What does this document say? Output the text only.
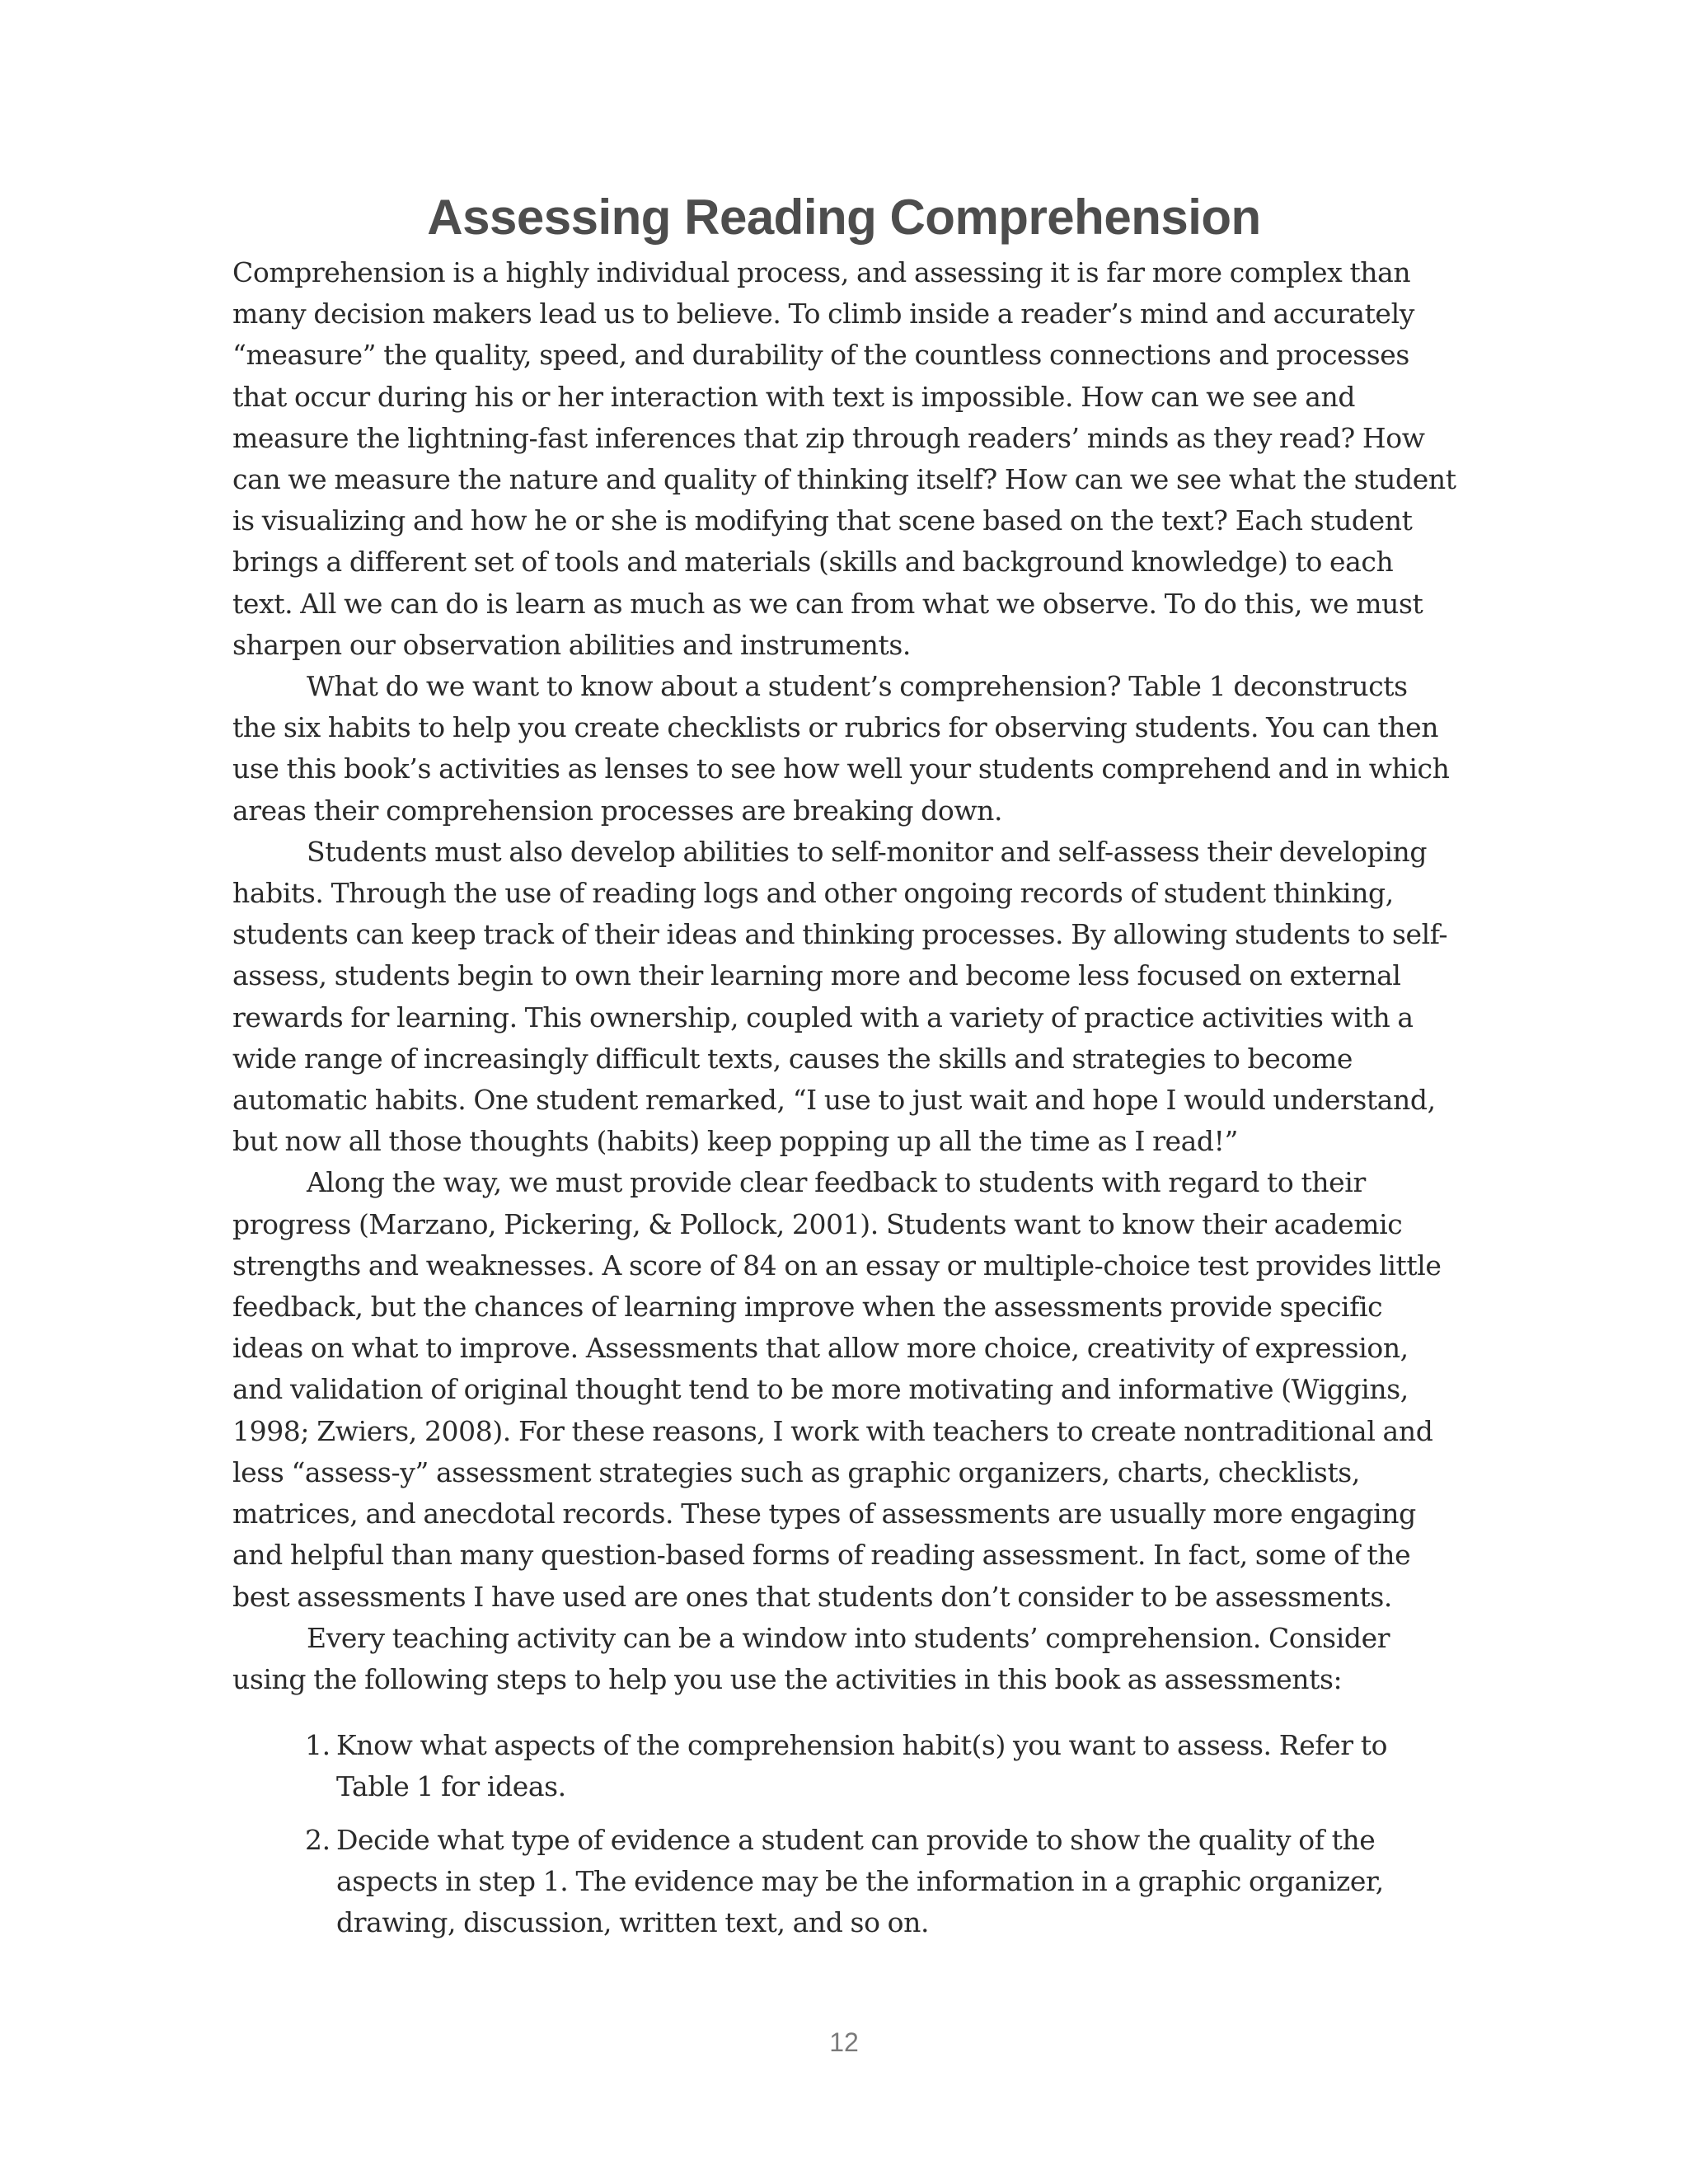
Assessing Reading Comprehension

Comprehension is a highly individual process, and assessing it is far more complex than many decision makers lead us to believe. To climb inside a reader’s mind and accurately “measure” the quality, speed, and durability of the countless connections and processes that occur during his or her interaction with text is impossible. How can we see and measure the lightning-fast inferences that zip through readers’ minds as they read? How can we measure the nature and quality of thinking itself? How can we see what the student is visualizing and how he or she is modifying that scene based on the text? Each student brings a different set of tools and materials (skills and background knowledge) to each text. All we can do is learn as much as we can from what we observe. To do this, we must sharpen our observation abilities and instruments.

What do we want to know about a student’s comprehension? Table 1 deconstructs the six habits to help you create checklists or rubrics for observing students. You can then use this book’s activities as lenses to see how well your students comprehend and in which areas their comprehension processes are breaking down.

Students must also develop abilities to self-monitor and self-assess their developing habits. Through the use of reading logs and other ongoing records of student thinking, students can keep track of their ideas and thinking processes. By allowing students to self-assess, students begin to own their learning more and become less focused on external rewards for learning. This ownership, coupled with a variety of practice activities with a wide range of increasingly difficult texts, causes the skills and strategies to become automatic habits. One student remarked, “I use to just wait and hope I would understand, but now all those thoughts (habits) keep popping up all the time as I read!”

Along the way, we must provide clear feedback to students with regard to their progress (Marzano, Pickering, & Pollock, 2001). Students want to know their academic strengths and weaknesses. A score of 84 on an essay or multiple-choice test provides little feedback, but the chances of learning improve when the assessments provide specific ideas on what to improve. Assessments that allow more choice, creativity of expression, and validation of original thought tend to be more motivating and informative (Wiggins, 1998; Zwiers, 2008). For these reasons, I work with teachers to create nontraditional and less “assess-y” assessment strategies such as graphic organizers, charts, checklists, matrices, and anecdotal records. These types of assessments are usually more engaging and helpful than many question-based forms of reading assessment. In fact, some of the best assessments I have used are ones that students don’t consider to be assessments.

Every teaching activity can be a window into students’ comprehension. Consider using the following steps to help you use the activities in this book as assessments:

1. Know what aspects of the comprehension habit(s) you want to assess. Refer to Table 1 for ideas.
2. Decide what type of evidence a student can provide to show the quality of the aspects in step 1. The evidence may be the information in a graphic organizer, drawing, discussion, written text, and so on.
12
